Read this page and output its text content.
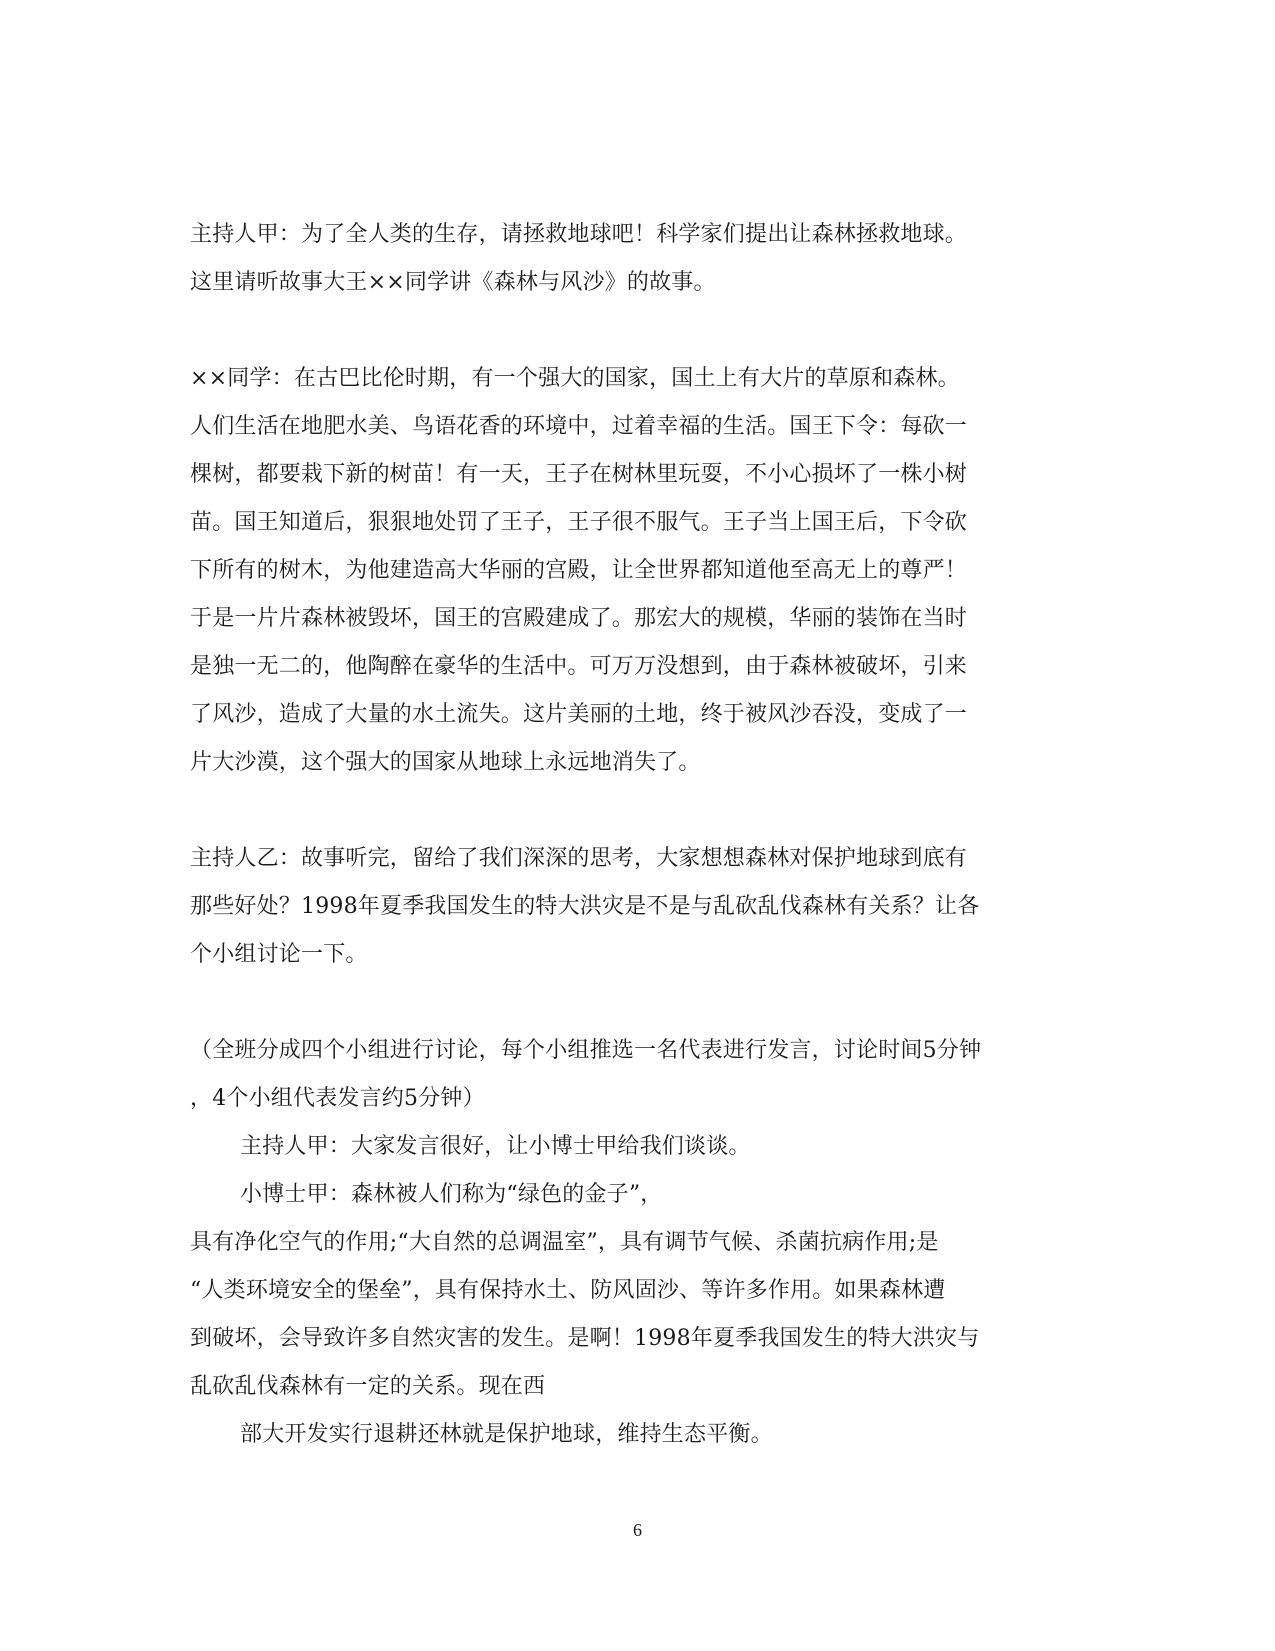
主持人甲：为了全人类的生存，请拯救地球吧！科学家们提出让森林拯救地球。
这里请听故事大王××同学讲《森林与风沙》的故事。
××同学：在古巴比伦时期，有一个强大的国家，国土上有大片的草原和森林。
人们生活在地肥水美、鸟语花香的环境中，过着幸福的生活。国王下令：每砍一
棵树，都要栽下新的树苗！有一天，王子在树林里玩耍，不小心损坏了一株小树
苗。国王知道后，狠狠地处罚了王子，王子很不服气。王子当上国王后，下令砍
下所有的树木，为他建造高大华丽的宫殿，让全世界都知道他至高无上的尊严！
于是一片片森林被毁坏，国王的宫殿建成了。那宏大的规模，华丽的装饰在当时
是独一无二的，他陶醉在豪华的生活中。可万万没想到，由于森林被破坏，引来
了风沙，造成了大量的水土流失。这片美丽的土地，终于被风沙吞没，变成了一
片大沙漠，这个强大的国家从地球上永远地消失了。
主持人乙：故事听完，留给了我们深深的思考，大家想想森林对保护地球到底有
那些好处？1998年夏季我国发生的特大洪灾是不是与乱砍乱伐森林有关系？让各
个小组讨论一下。
（全班分成四个小组进行讨论，每个小组推选一名代表进行发言，讨论时间5分钟
，4个小组代表发言约5分钟）
主持人甲：大家发言很好，让小博士甲给我们谈谈。
小博士甲：森林被人们称为“绿色的金子”，
具有净化空气的作用;“大自然的总调温室”，具有调节气候、杀菌抗病作用;是
“人类环境安全的堡垒”，具有保持水土、防风固沙、等许多作用。如果森林遭
到破坏，会导致许多自然灾害的发生。是啊！1998年夏季我国发生的特大洪灾与
乱砍乱伐森林有一定的关系。现在西
部大开发实行退耕还林就是保护地球，维持生态平衡。
6
